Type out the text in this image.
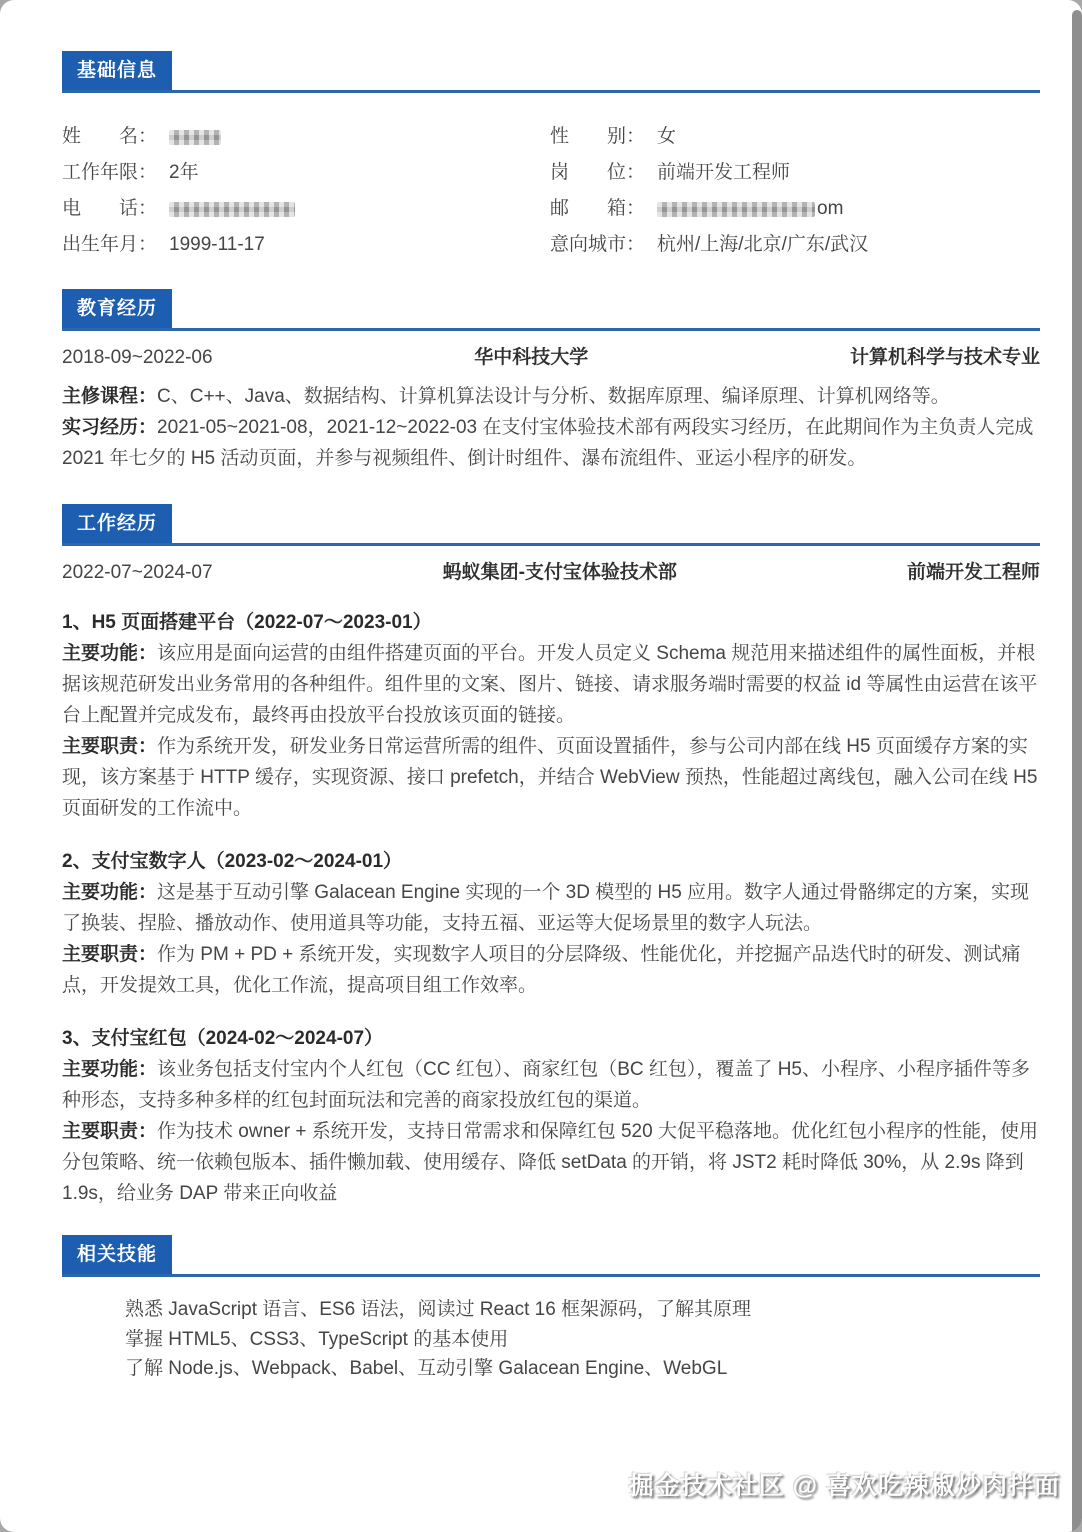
基础信息
姓　　名：
工作年限： 2年
电　　话：
出生年月： 1999-11-17
性　　别： 女
岗　　位： 前端开发工程师
邮　　箱：	om
意向城市： 杭州/上海/北京/广东/武汉
教育经历
2018-09~2022-06	华中科技大学	计算机科学与技术专业
主修课程：C、C++、Java、数据结构、计算机算法设计与分析、数据库原理、编译原理、计算机网络等。
实习经历：2021-05~2021-08，2021-12~2022-03 在支付宝体验技术部有两段实习经历，在此期间作为主负责人完成 2021 年七夕的 H5 活动页面，并参与视频组件、倒计时组件、瀑布流组件、亚运小程序的研发。
工作经历
2022-07~2024-07	蚂蚁集团-支付宝体验技术部	前端开发工程师
1、H5 页面搭建平台（2022-07～2023-01）
主要功能：该应用是面向运营的由组件搭建页面的平台。开发人员定义 Schema 规范用来描述组件的属性面板，并根据该规范研发出业务常用的各种组件。组件里的文案、图片、链接、请求服务端时需要的权益 id 等属性由运营在该平台上配置并完成发布，最终再由投放平台投放该页面的链接。
主要职责：作为系统开发，研发业务日常运营所需的组件、页面设置插件，参与公司内部在线 H5 页面缓存方案的实现，该方案基于 HTTP 缓存，实现资源、接口 prefetch，并结合 WebView 预热，性能超过离线包，融入公司在线 H5 页面研发的工作流中。
2、支付宝数字人（2023-02～2024-01）
主要功能：这是基于互动引擎 Galacean Engine 实现的一个 3D 模型的 H5 应用。数字人通过骨骼绑定的方案，实现了换装、捏脸、播放动作、使用道具等功能，支持五福、亚运等大促场景里的数字人玩法。
主要职责：作为 PM + PD + 系统开发，实现数字人项目的分层降级、性能优化，并挖掘产品迭代时的研发、测试痛点，开发提效工具，优化工作流，提高项目组工作效率。
3、支付宝红包（2024-02～2024-07）
主要功能：该业务包括支付宝内个人红包（CC 红包）、商家红包（BC 红包），覆盖了 H5、小程序、小程序插件等多种形态，支持多种多样的红包封面玩法和完善的商家投放红包的渠道。
主要职责：作为技术 owner + 系统开发，支持日常需求和保障红包 520 大促平稳落地。优化红包小程序的性能，使用分包策略、统一依赖包版本、插件懒加载、使用缓存、降低 setData 的开销，将 JST2 耗时降低 30%，从 2.9s 降到 1.9s，给业务 DAP 带来正向收益
相关技能
熟悉 JavaScript 语言、ES6 语法，阅读过 React 16 框架源码，了解其原理
掌握 HTML5、CSS3、TypeScript 的基本使用
了解 Node.js、Webpack、Babel、互动引擎 Galacean Engine、WebGL
掘金技术社区 @ 喜欢吃辣椒炒肉拌面
